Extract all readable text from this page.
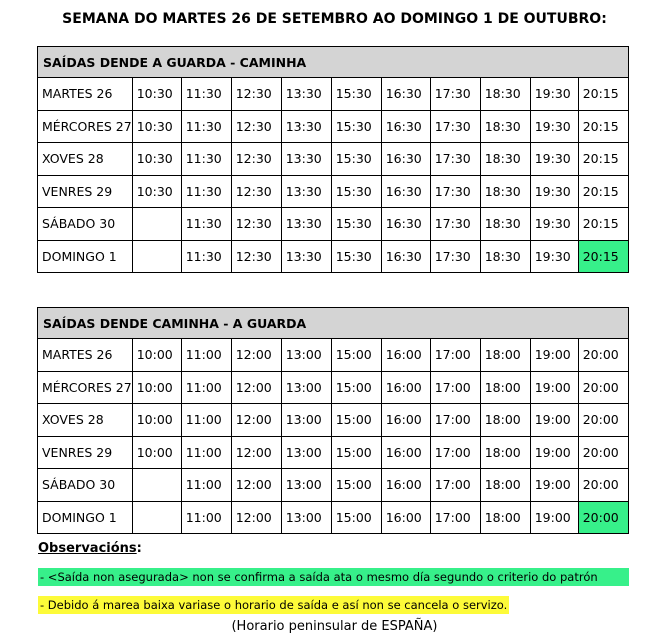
SEMANA DO MARTES 26 DE SETEMBRO AO DOMINGO 1 DE OUTUBRO:
SAÍDAS DENDE A GUARDA - CAMINHA										
MARTES 26	10:30	11:30	12:30	13:30	15:30	16:30	17:30	18:30	19:30	20:15
MÉRCORES 27	10:30	11:30	12:30	13:30	15:30	16:30	17:30	18:30	19:30	20:15
XOVES 28	10:30	11:30	12:30	13:30	15:30	16:30	17:30	18:30	19:30	20:15
VENRES 29	10:30	11:30	12:30	13:30	15:30	16:30	17:30	18:30	19:30	20:15
SÁBADO 30		11:30	12:30	13:30	15:30	16:30	17:30	18:30	19:30	20:15
DOMINGO 1		11:30	12:30	13:30	15:30	16:30	17:30	18:30	19:30	20:15
SAÍDAS DENDE CAMINHA - A GUARDA										
MARTES 26	10:00	11:00	12:00	13:00	15:00	16:00	17:00	18:00	19:00	20:00
MÉRCORES 27	10:00	11:00	12:00	13:00	15:00	16:00	17:00	18:00	19:00	20:00
XOVES 28	10:00	11:00	12:00	13:00	15:00	16:00	17:00	18:00	19:00	20:00
VENRES 29	10:00	11:00	12:00	13:00	15:00	16:00	17:00	18:00	19:00	20:00
SÁBADO 30		11:00	12:00	13:00	15:00	16:00	17:00	18:00	19:00	20:00
DOMINGO 1		11:00	12:00	13:00	15:00	16:00	17:00	18:00	19:00	20:00
Observacións:
- <Saída non asegurada> non se confirma a saída ata o mesmo día segundo o criterio do patrón
- Debido á marea baixa variase o horario de saída e así non se cancela o servizo.
(Horario peninsular de ESPAÑA)
